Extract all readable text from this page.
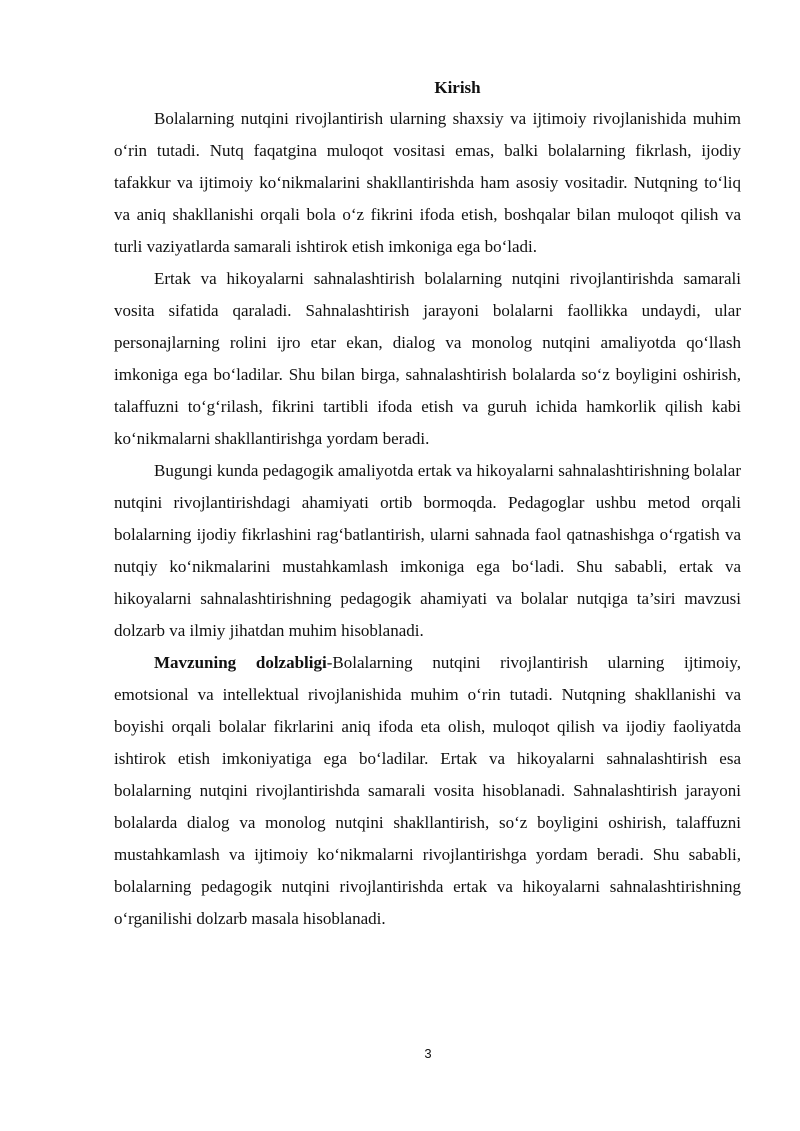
Kirish

Bolalarning nutqini rivojlantirish ularning shaxsiy va ijtimoiy rivojlanishida muhim o‘rin tutadi. Nutq faqatgina muloqot vositasi emas, balki bolalarning fikrlash, ijodiy tafakkur va ijtimoiy ko‘nikmalarini shakllantirishda ham asosiy vositadir. Nutqning to‘liq va aniq shakllanishi orqali bola o‘z fikrini ifoda etish, boshqalar bilan muloqot qilish va turli vaziyatlarda samarali ishtirok etish imkoniga ega bo‘ladi.

Ertak va hikoyalarni sahnalashtirish bolalarning nutqini rivojlantirishda samarali vosita sifatida qaraladi. Sahnalashtirish jarayoni bolalarni faollikka undaydi, ular personajlarning rolini ijro etar ekan, dialog va monolog nutqini amaliyotda qo‘llash imkoniga ega bo‘ladilar. Shu bilan birga, sahnalashtirish bolalarda so‘z boyligini oshirish, talaffuzni to‘g‘rilash, fikrini tartibli ifoda etish va guruh ichida hamkorlik qilish kabi ko‘nikmalarni shakllantirishga yordam beradi.

Bugungi kunda pedagogik amaliyotda ertak va hikoyalarni sahnalashtirishning bolalar nutqini rivojlantirishdagi ahamiyati ortib bormoqda. Pedagoglar ushbu metod orqali bolalarning ijodiy fikrlashini rag‘batlantirish, ularni sahnada faol qatnashishga o‘rgatish va nutqiy ko‘nikmalarini mustahkamlash imkoniga ega bo‘ladi. Shu sababli, ertak va hikoyalarni sahnalashtirishning pedagogik ahamiyati va bolalar nutqiga ta’siri mavzusi dolzarb va ilmiy jihatdan muhim hisoblanadi.

Mavzuning dolzabligi-Bolalarning nutqini rivojlantirish ularning ijtimoiy, emotsional va intellektual rivojlanishida muhim o‘rin tutadi. Nutqning shakllanishi va boyishi orqali bolalar fikrlarini aniq ifoda eta olish, muloqot qilish va ijodiy faoliyatda ishtirok etish imkoniyatiga ega bo‘ladilar. Ertak va hikoyalarni sahnalashtirish esa bolalarning nutqini rivojlantirishda samarali vosita hisoblanadi. Sahnalashtirish jarayoni bolalarda dialog va monolog nutqini shakllantirish, so‘z boyligini oshirish, talaffuzni mustahkamlash va ijtimoiy ko‘nikmalarni rivojlantirishga yordam beradi. Shu sababli, bolalarning pedagogik nutqini rivojlantirishda ertak va hikoyalarni sahnalashtirishning o‘rganilishi dolzarb masala hisoblanadi.

3
